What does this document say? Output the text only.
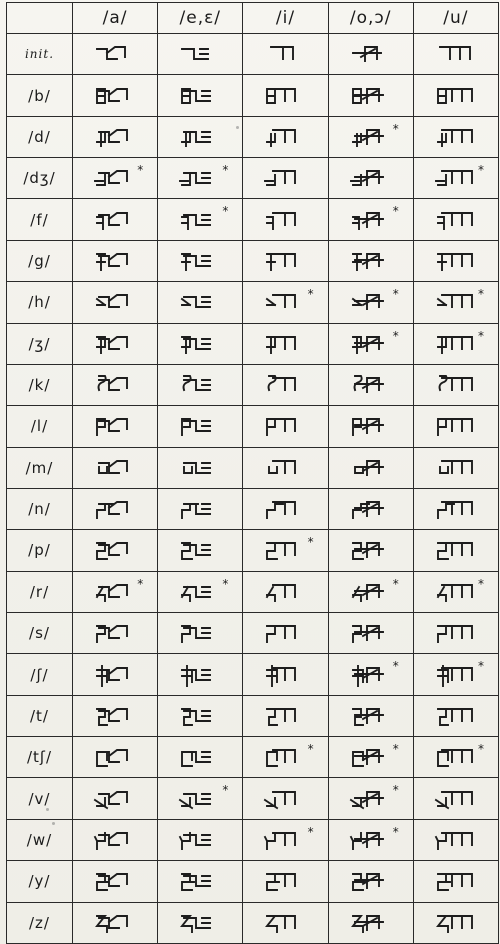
	/a/	/e,ε/	/i/	/o,ɔ/	/u/
init.	

/b/	

/d/				*

/dʒ/	*	*			*

/f/		*		*

/g/	

/h/			*	*	*

/ʒ/				*	*

/k/	

/l/	

/m/	

/n/	

/p/			*

/r/	*	*		*	*

/s/	

/ʃ/				*	*

/t/	

/tʃ/			*	*	*

/v/		*		*

/w/			*	*

/y/	

/z/	
